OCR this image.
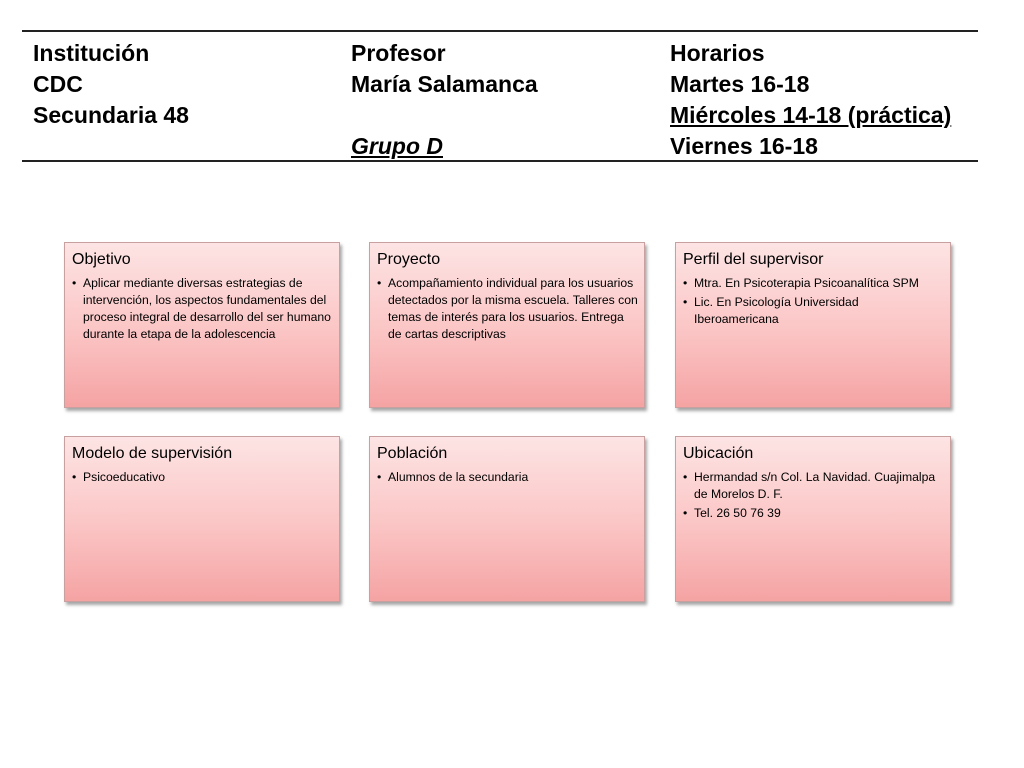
Institución
CDC
Secundaria 48
Profesor
María Salamanca
Grupo D
Horarios
Martes 16-18
Miércoles 14-18 (práctica)
Viernes 16-18
Objetivo
• Aplicar mediante diversas estrategias de intervención, los aspectos fundamentales del proceso integral de desarrollo del ser humano durante la etapa de la adolescencia
Proyecto
• Acompañamiento individual para los usuarios detectados por la misma escuela. Talleres con temas de interés para los usuarios. Entrega de cartas descriptivas
Perfil del supervisor
• Mtra. En Psicoterapia Psicoanalítica SPM
• Lic. En Psicología Universidad Iberoamericana
Modelo de supervisión
• Psicoeducativo
Población
• Alumnos de la secundaria
Ubicación
• Hermandad s/n Col. La Navidad. Cuajimalpa de Morelos D. F.
• Tel. 26 50 76 39
